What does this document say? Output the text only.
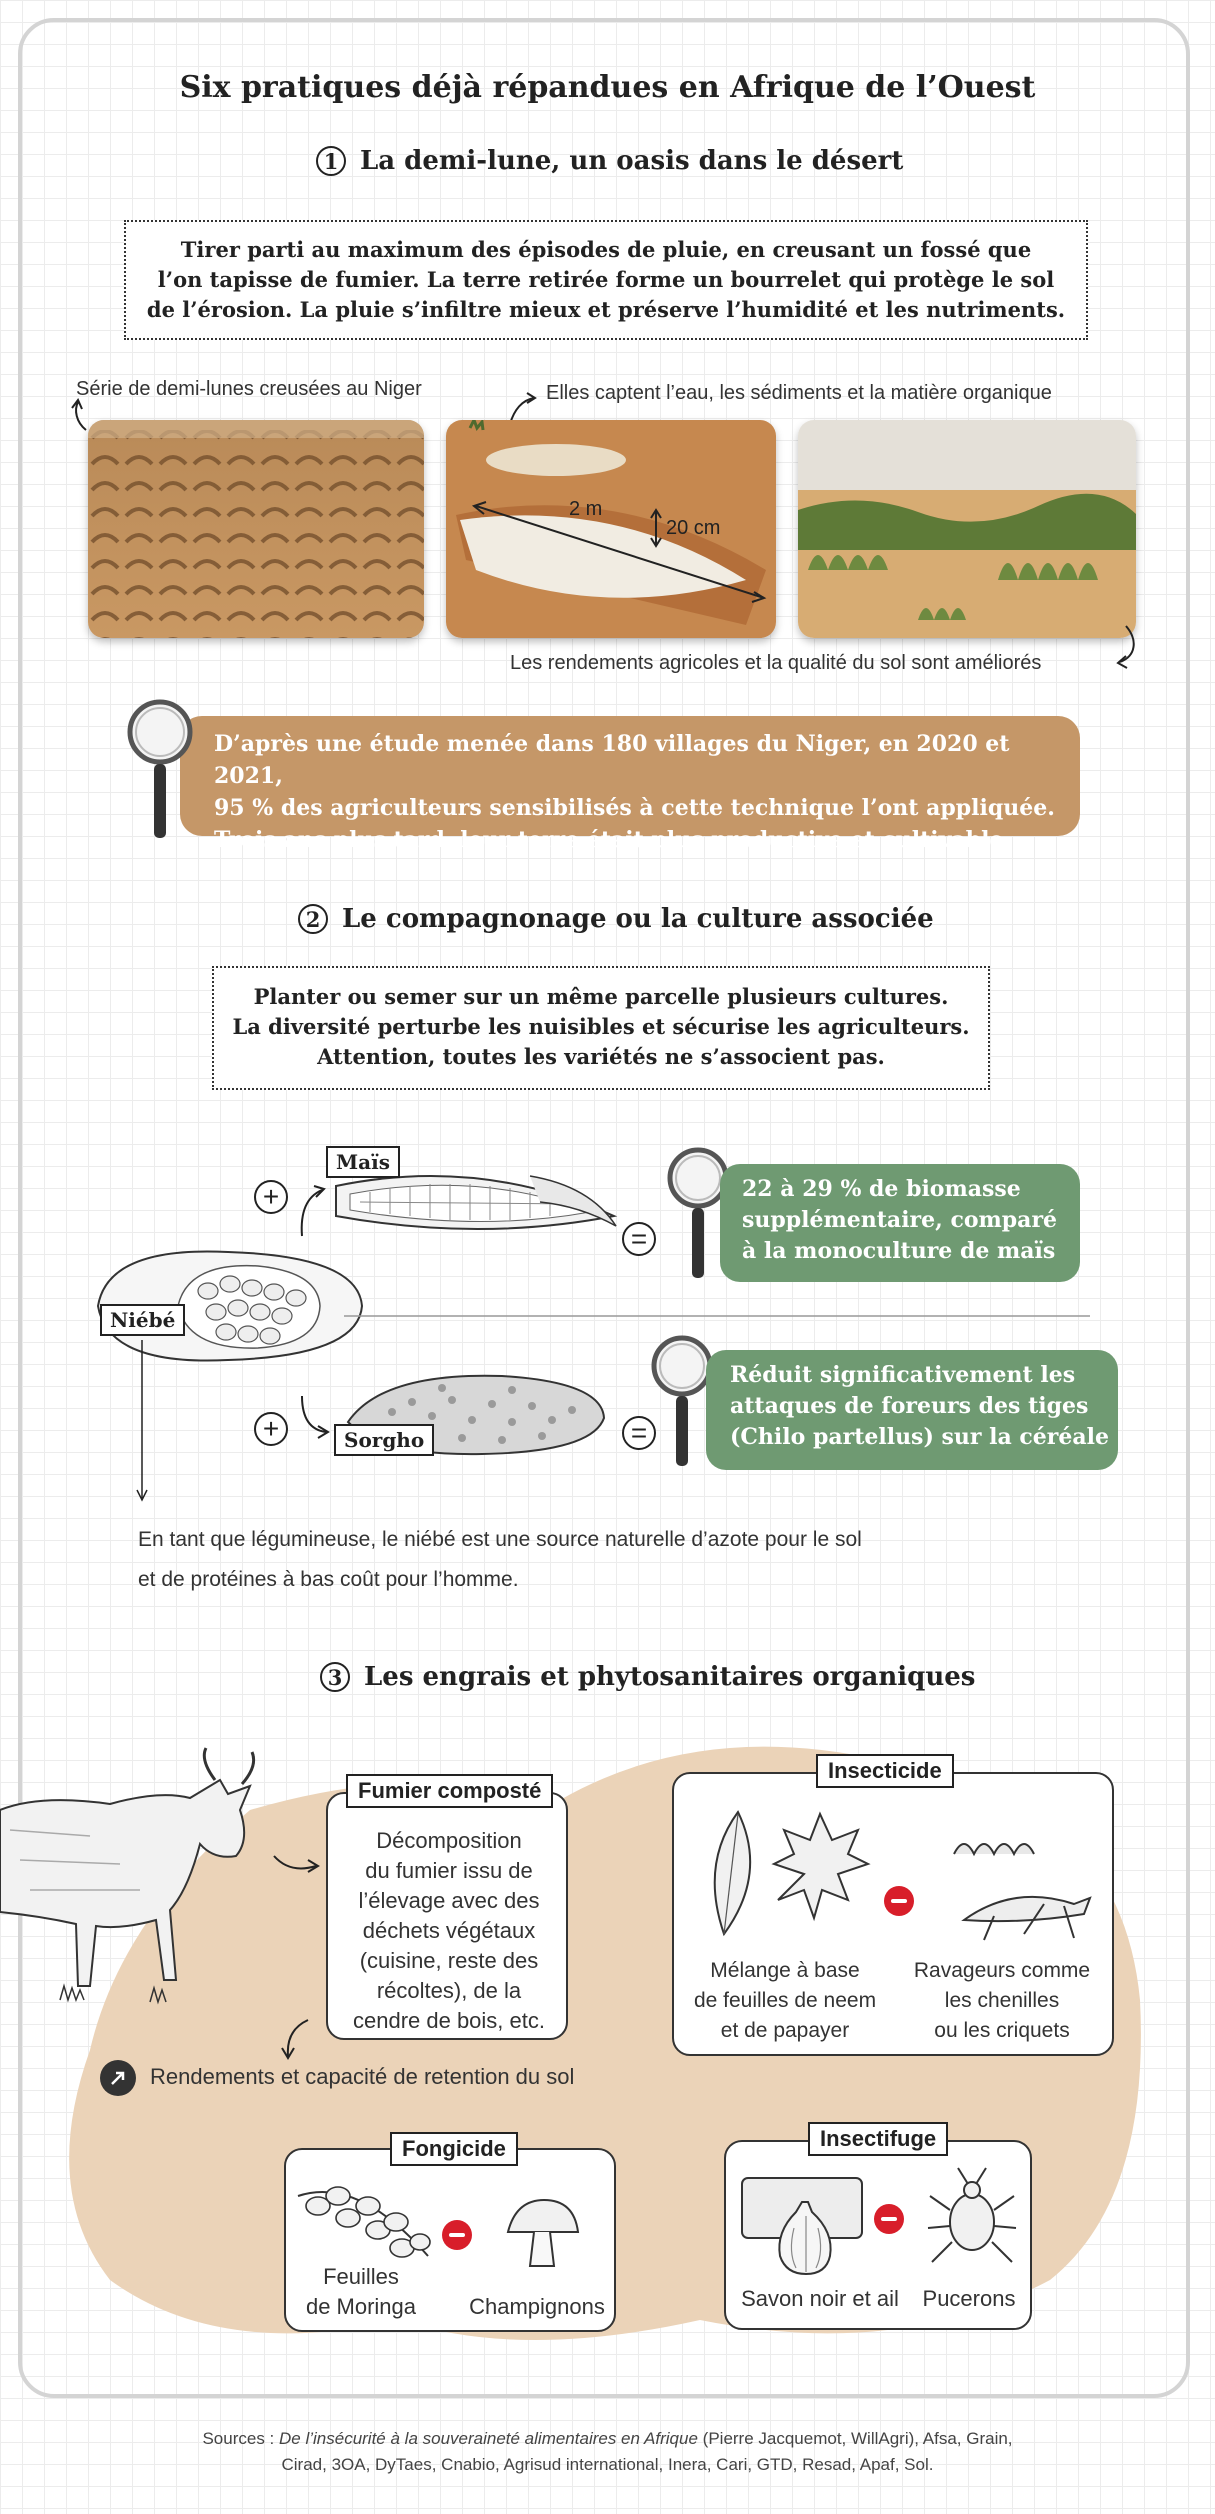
Six pratiques déjà répandues en Afrique de l’Ouest
1 La demi-lune, un oasis dans le désert
Tirer parti au maximum des épisodes de pluie, en creusant un fossé que
l’on tapisse de fumier. La terre retirée forme un bourrelet qui protège le sol
de l’érosion. La pluie s’infiltre mieux et préserve l’humidité et les nutriments.
Série de demi-lunes creusées au Niger	Elles captent l’eau, les sédiments et la matière organique
2 m
20 cm
Les rendements agricoles et la qualité du sol sont améliorés
D’après une étude menée dans 180 villages du Niger, en 2020 et 2021,
95 % des agriculteurs sensibilisés à cette technique l’ont appliquée.
Trois ans plus tard, leur terre était plus productive et cultivable.
2 Le compagnonage ou la culture associée
Planter ou semer sur un même parcelle plusieurs cultures.
La diversité perturbe les nuisibles et sécurise les agriculteurs.
Attention, toutes les variétés ne s’associent pas.
Niébé
Maïs
+
=
22 à 29 % de biomasse
supplémentaire, comparé
à la monoculture de maïs
Sorgho
+	=
Réduit significativement les
attaques de foreurs des tiges
(Chilo partellus) sur la céréale
En tant que légumineuse, le niébé est une source naturelle d’azote pour le sol
et de protéines à bas coût pour l’homme.
3 Les engrais et phytosanitaires organiques
Décomposition
du fumier issu de
l’élevage avec des
déchets végétaux
(cuisine, reste des
récoltes), de la
cendre de bois, etc.
Fumier composté
Rendements et capacité de retention du sol
Mélange à base
de feuilles de neem
et de papayer
Ravageurs comme
les chenilles
ou les criquets
Insecticide
Feuilles
de Moringa	Champignons
Fongicide
Savon noir et ail	Pucerons
Insectifuge
Sources : De l’insécurité à la souveraineté alimentaires en Afrique (Pierre Jacquemot, WillAgri), Afsa, Grain,
Cirad, 3OA, DyTaes, Cnabio, Agrisud international, Inera, Cari, GTD, Resad, Apaf, Sol.
